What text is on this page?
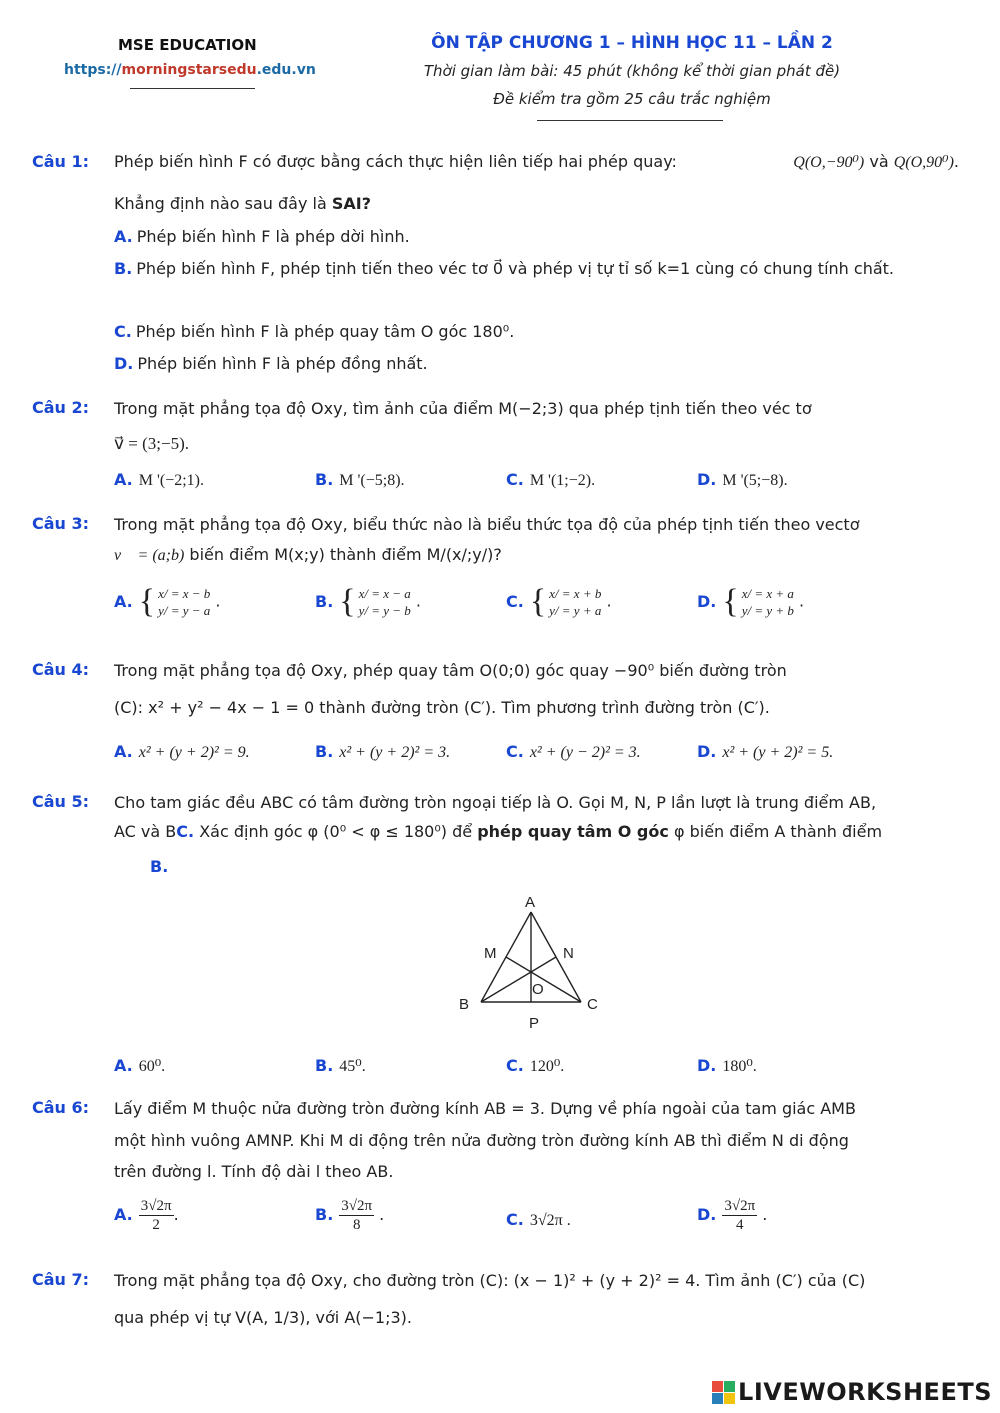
MSE EDUCATION
https://morningstarsedu.edu.vn
ÔN TẬP CHƯƠNG 1 – HÌNH HỌC 11 – LẦN 2
Thời gian làm bài: 45 phút (không kể thời gian phát đề)
Đề kiểm tra gồm 25 câu trắc nghiệm
Câu 1: Phép biến hình F có được bằng cách thực hiện liên tiếp hai phép quay:	Q(O,−90⁰) và Q(O,90⁰).
Khẳng định nào sau đây là SAI?
A. Phép biến hình F là phép dời hình.
B. Phép biến hình F, phép tịnh tiến theo véc tơ 0⃗ và phép vị tự tỉ số k=1 cùng có chung tính chất.
C. Phép biến hình F là phép quay tâm O góc 180⁰.
D. Phép biến hình F là phép đồng nhất.
Câu 2: Trong mặt phẳng tọa độ Oxy, tìm ảnh của điểm M(−2;3) qua phép tịnh tiến theo véc tơ
v⃗ = (3;−5).
A. M '(−2;1).	B. M '(−5;8).	C. M '(1;−2).	D. M '(5;−8).
Câu 3: Trong mặt phẳng tọa độ Oxy, biểu thức nào là biểu thức tọa độ của phép tịnh tiến theo vectơ
v⃗ = (a;b) biến điểm M(x;y) thành điểm M/(x/;y/)?
A. { x/ = x − b
y/ = y − a .	B. { x/ = x − a
y/ = y − b .	C. { x/ = x + b
y/ = y + a .	D. { x/ = x + a
y/ = y + b .
Câu 4: Trong mặt phẳng tọa độ Oxy, phép quay tâm O(0;0) góc quay −90⁰ biến đường tròn
(C): x² + y² − 4x − 1 = 0 thành đường tròn (C′). Tìm phương trình đường tròn (C′).
A. x² + (y + 2)² = 9.	B. x² + (y + 2)² = 3.	C. x² + (y − 2)² = 3.	D. x² + (y + 2)² = 5.
Câu 5: Cho tam giác đều ABC có tâm đường tròn ngoại tiếp là O. Gọi M, N, P lần lượt là trung điểm AB,
AC và BC. Xác định góc φ (0⁰ < φ ≤ 180⁰) để phép quay tâm O góc φ biến điểm A thành điểm
B.
A
B	C
M	N
O
P
A. 60⁰.	B. 45⁰.	C. 120⁰.	D. 180⁰.
Câu 6: Lấy điểm M thuộc nửa đường tròn đường kính AB = 3. Dựng về phía ngoài của tam giác AMB
một hình vuông AMNP. Khi M di động trên nửa đường tròn đường kính AB thì điểm N di động
trên đường l. Tính độ dài l theo AB.
A. $\frac{3√2\pi}{2}$ .	B. $\frac{3√2\pi}{8}$ .	C. 3√2π .	D. $\frac{3√2\pi}{4}$ .
Câu 7: Trong mặt phẳng tọa độ Oxy, cho đường tròn (C): (x − 1)² + (y + 2)² = 4. Tìm ảnh (C′) của (C)
qua phép vị tự V(A, 1/3), với A(−1;3).
LIVEWORKSHEETS
